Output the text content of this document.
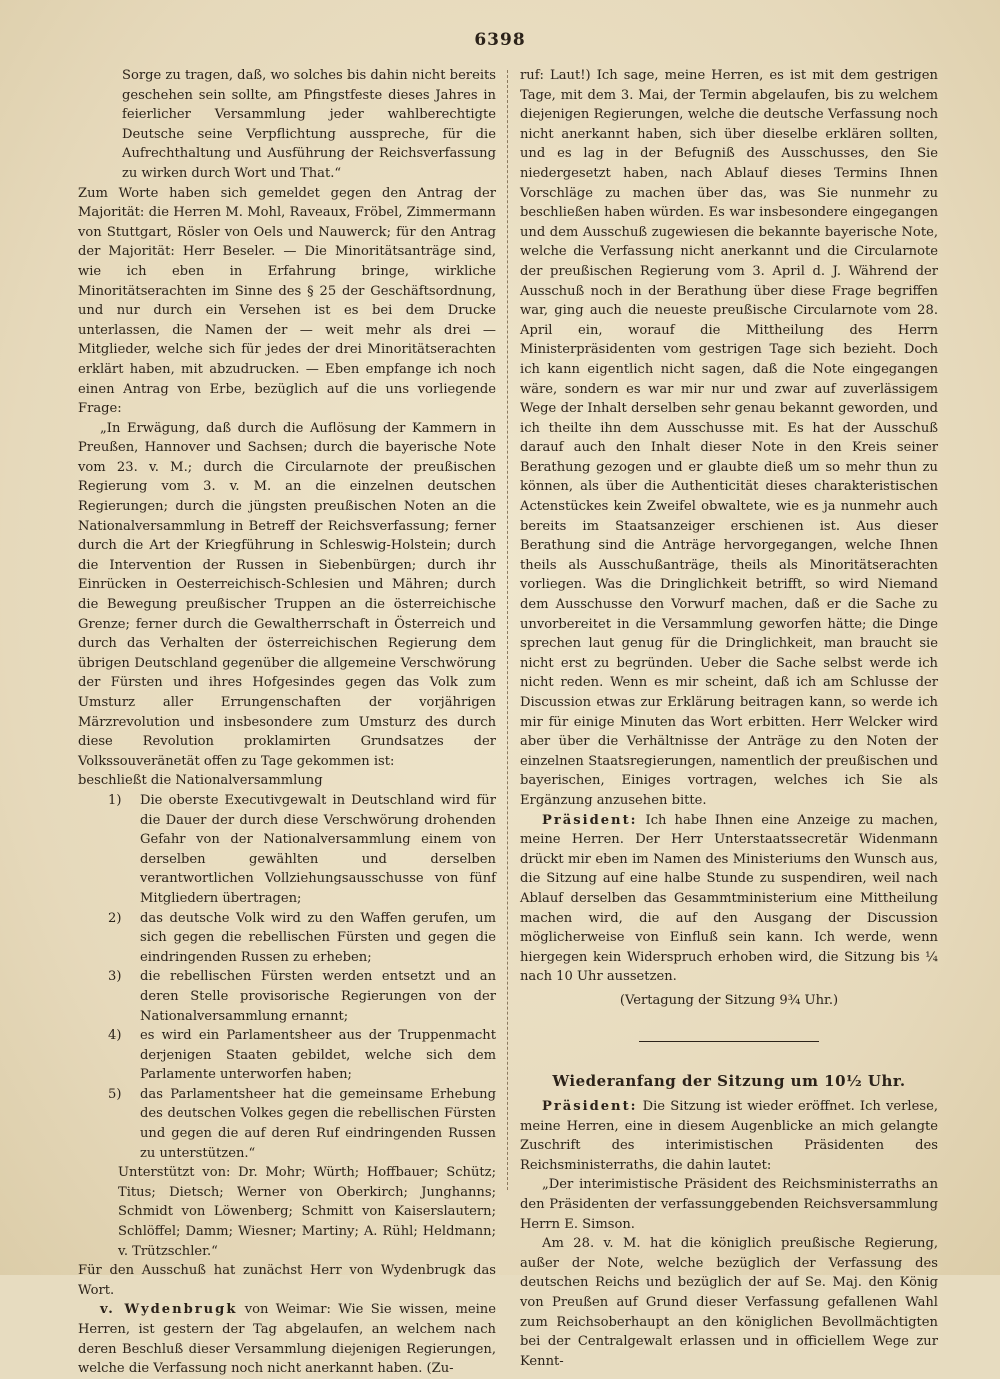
6398

Sorge zu tragen, daß, wo solches bis dahin nicht bereits geschehen sein sollte, am Pfingstfeste dieses Jahres in feierlicher Versammlung jeder wahlberechtigte Deutsche seine Verpflichtung ausspreche, für die Aufrechthaltung und Ausführung der Reichsverfassung zu wirken durch Wort und That.“

Zum Worte haben sich gemeldet gegen den Antrag der Majorität: die Herren M. Mohl, Raveaux, Fröbel, Zimmermann von Stuttgart, Rösler von Oels und Nauwerck; für den Antrag der Majorität: Herr Beseler. — Die Minoritätsanträge sind, wie ich eben in Erfahrung bringe, wirkliche Minoritätserachten im Sinne des § 25 der Geschäftsordnung, und nur durch ein Versehen ist es bei dem Drucke unterlassen, die Namen der — weit mehr als drei — Mitglieder, welche sich für jedes der drei Minoritätserachten erklärt haben, mit abzudrucken. — Eben empfange ich noch einen Antrag von Erbe, bezüglich auf die uns vorliegende Frage:

„In Erwägung, daß durch die Auflösung der Kammern in Preußen, Hannover und Sachsen; durch die bayerische Note vom 23. v. M.; durch die Circularnote der preußischen Regierung vom 3. v. M. an die einzelnen deutschen Regierungen; durch die jüngsten preußischen Noten an die Nationalversammlung in Betreff der Reichsverfassung; ferner durch die Art der Kriegführung in Schleswig-Holstein; durch die Intervention der Russen in Siebenbürgen; durch ihr Einrücken in Oesterreichisch-Schlesien und Mähren; durch die Bewegung preußischer Truppen an die österreichische Grenze; ferner durch die Gewaltherrschaft in Österreich und durch das Verhalten der österreichischen Regierung dem übrigen Deutschland gegenüber die allgemeine Verschwörung der Fürsten und ihres Hofgesindes gegen das Volk zum Umsturz aller Errungenschaften der vorjährigen Märzrevolution und insbesondere zum Umsturz des durch diese Revolution proklamirten Grundsatzes der Volkssouveränetät offen zu Tage gekommen ist:

beschließt die Nationalversammlung

1) Die oberste Executivgewalt in Deutschland wird für die Dauer der durch diese Verschwörung drohenden Gefahr von der Nationalversammlung einem von derselben gewählten und derselben verantwortlichen Vollziehungsausschusse von fünf Mitgliedern übertragen;
2) das deutsche Volk wird zu den Waffen gerufen, um sich gegen die rebellischen Fürsten und gegen die eindringenden Russen zu erheben;
3) die rebellischen Fürsten werden entsetzt und an deren Stelle provisorische Regierungen von der Nationalversammlung ernannt;
4) es wird ein Parlamentsheer aus der Truppenmacht derjenigen Staaten gebildet, welche sich dem Parlamente unterworfen haben;
5) das Parlamentsheer hat die gemeinsame Erhebung des deutschen Volkes gegen die rebellischen Fürsten und gegen die auf deren Ruf eindringenden Russen zu unterstützen.“

Unterstützt von: Dr. Mohr; Würth; Hoffbauer; Schütz; Titus; Dietsch; Werner von Oberkirch; Junghanns; Schmidt von Löwenberg; Schmitt von Kaiserslautern; Schlöffel; Damm; Wiesner; Martiny; A. Rühl; Heldmann; v. Trützschler.“

Für den Ausschuß hat zunächst Herr von Wydenbrugk das Wort.

v. Wydenbrugk von Weimar: Wie Sie wissen, meine Herren, ist gestern der Tag abgelaufen, an welchem nach deren Beschluß dieser Versammlung diejenigen Regierungen, welche die Verfassung noch nicht anerkannt haben. (Zu-

ruf: Laut!) Ich sage, meine Herren, es ist mit dem gestrigen Tage, mit dem 3. Mai, der Termin abgelaufen, bis zu welchem diejenigen Regierungen, welche die deutsche Verfassung noch nicht anerkannt haben, sich über dieselbe erklären sollten, und es lag in der Befugniß des Ausschusses, den Sie niedergesetzt haben, nach Ablauf dieses Termins Ihnen Vorschläge zu machen über das, was Sie nunmehr zu beschließen haben würden. Es war insbesondere eingegangen und dem Ausschuß zugewiesen die bekannte bayerische Note, welche die Verfassung nicht anerkannt und die Circularnote der preußischen Regierung vom 3. April d. J. Während der Ausschuß noch in der Berathung über diese Frage begriffen war, ging auch die neueste preußische Circularnote vom 28. April ein, worauf die Mittheilung des Herrn Ministerpräsidenten vom gestrigen Tage sich bezieht. Doch ich kann eigentlich nicht sagen, daß die Note eingegangen wäre, sondern es war mir nur und zwar auf zuverlässigem Wege der Inhalt derselben sehr genau bekannt geworden, und ich theilte ihn dem Ausschusse mit. Es hat der Ausschuß darauf auch den Inhalt dieser Note in den Kreis seiner Berathung gezogen und er glaubte dieß um so mehr thun zu können, als über die Authenticität dieses charakteristischen Actenstückes kein Zweifel obwaltete, wie es ja nunmehr auch bereits im Staatsanzeiger erschienen ist. Aus dieser Berathung sind die Anträge hervorgegangen, welche Ihnen theils als Ausschußanträge, theils als Minoritätserachten vorliegen. Was die Dringlichkeit betrifft, so wird Niemand dem Ausschusse den Vorwurf machen, daß er die Sache zu unvorbereitet in die Versammlung geworfen hätte; die Dinge sprechen laut genug für die Dringlichkeit, man braucht sie nicht erst zu begründen. Ueber die Sache selbst werde ich nicht reden. Wenn es mir scheint, daß ich am Schlusse der Discussion etwas zur Erklärung beitragen kann, so werde ich mir für einige Minuten das Wort erbitten. Herr Welcker wird aber über die Verhältnisse der Anträge zu den Noten der einzelnen Staatsregierungen, namentlich der preußischen und bayerischen, Einiges vortragen, welches ich Sie als Ergänzung anzusehen bitte.

Präsident: Ich habe Ihnen eine Anzeige zu machen, meine Herren. Der Herr Unterstaatssecretär Widenmann drückt mir eben im Namen des Ministeriums den Wunsch aus, die Sitzung auf eine halbe Stunde zu suspendiren, weil nach Ablauf derselben das Gesammtministerium eine Mittheilung machen wird, die auf den Ausgang der Discussion möglicherweise von Einfluß sein kann. Ich werde, wenn hiergegen kein Widerspruch erhoben wird, die Sitzung bis ¼ nach 10 Uhr aussetzen.

(Vertagung der Sitzung 9¾ Uhr.)

Wiederanfang der Sitzung um 10½ Uhr.

Präsident: Die Sitzung ist wieder eröffnet. Ich verlese, meine Herren, eine in diesem Augenblicke an mich gelangte Zuschrift des interimistischen Präsidenten des Reichsministerraths, die dahin lautet:

„Der interimistische Präsident des Reichsministerraths an den Präsidenten der verfassunggebenden Reichsversammlung Herrn E. Simson.

Am 28. v. M. hat die königlich preußische Regierung, außer der Note, welche bezüglich der Verfassung des deutschen Reichs und bezüglich der auf Se. Maj. den König von Preußen auf Grund dieser Verfassung gefallenen Wahl zum Reichsoberhaupt an den königlichen Bevollmächtigten bei der Centralgewalt erlassen und in officiellem Wege zur Kennt-
